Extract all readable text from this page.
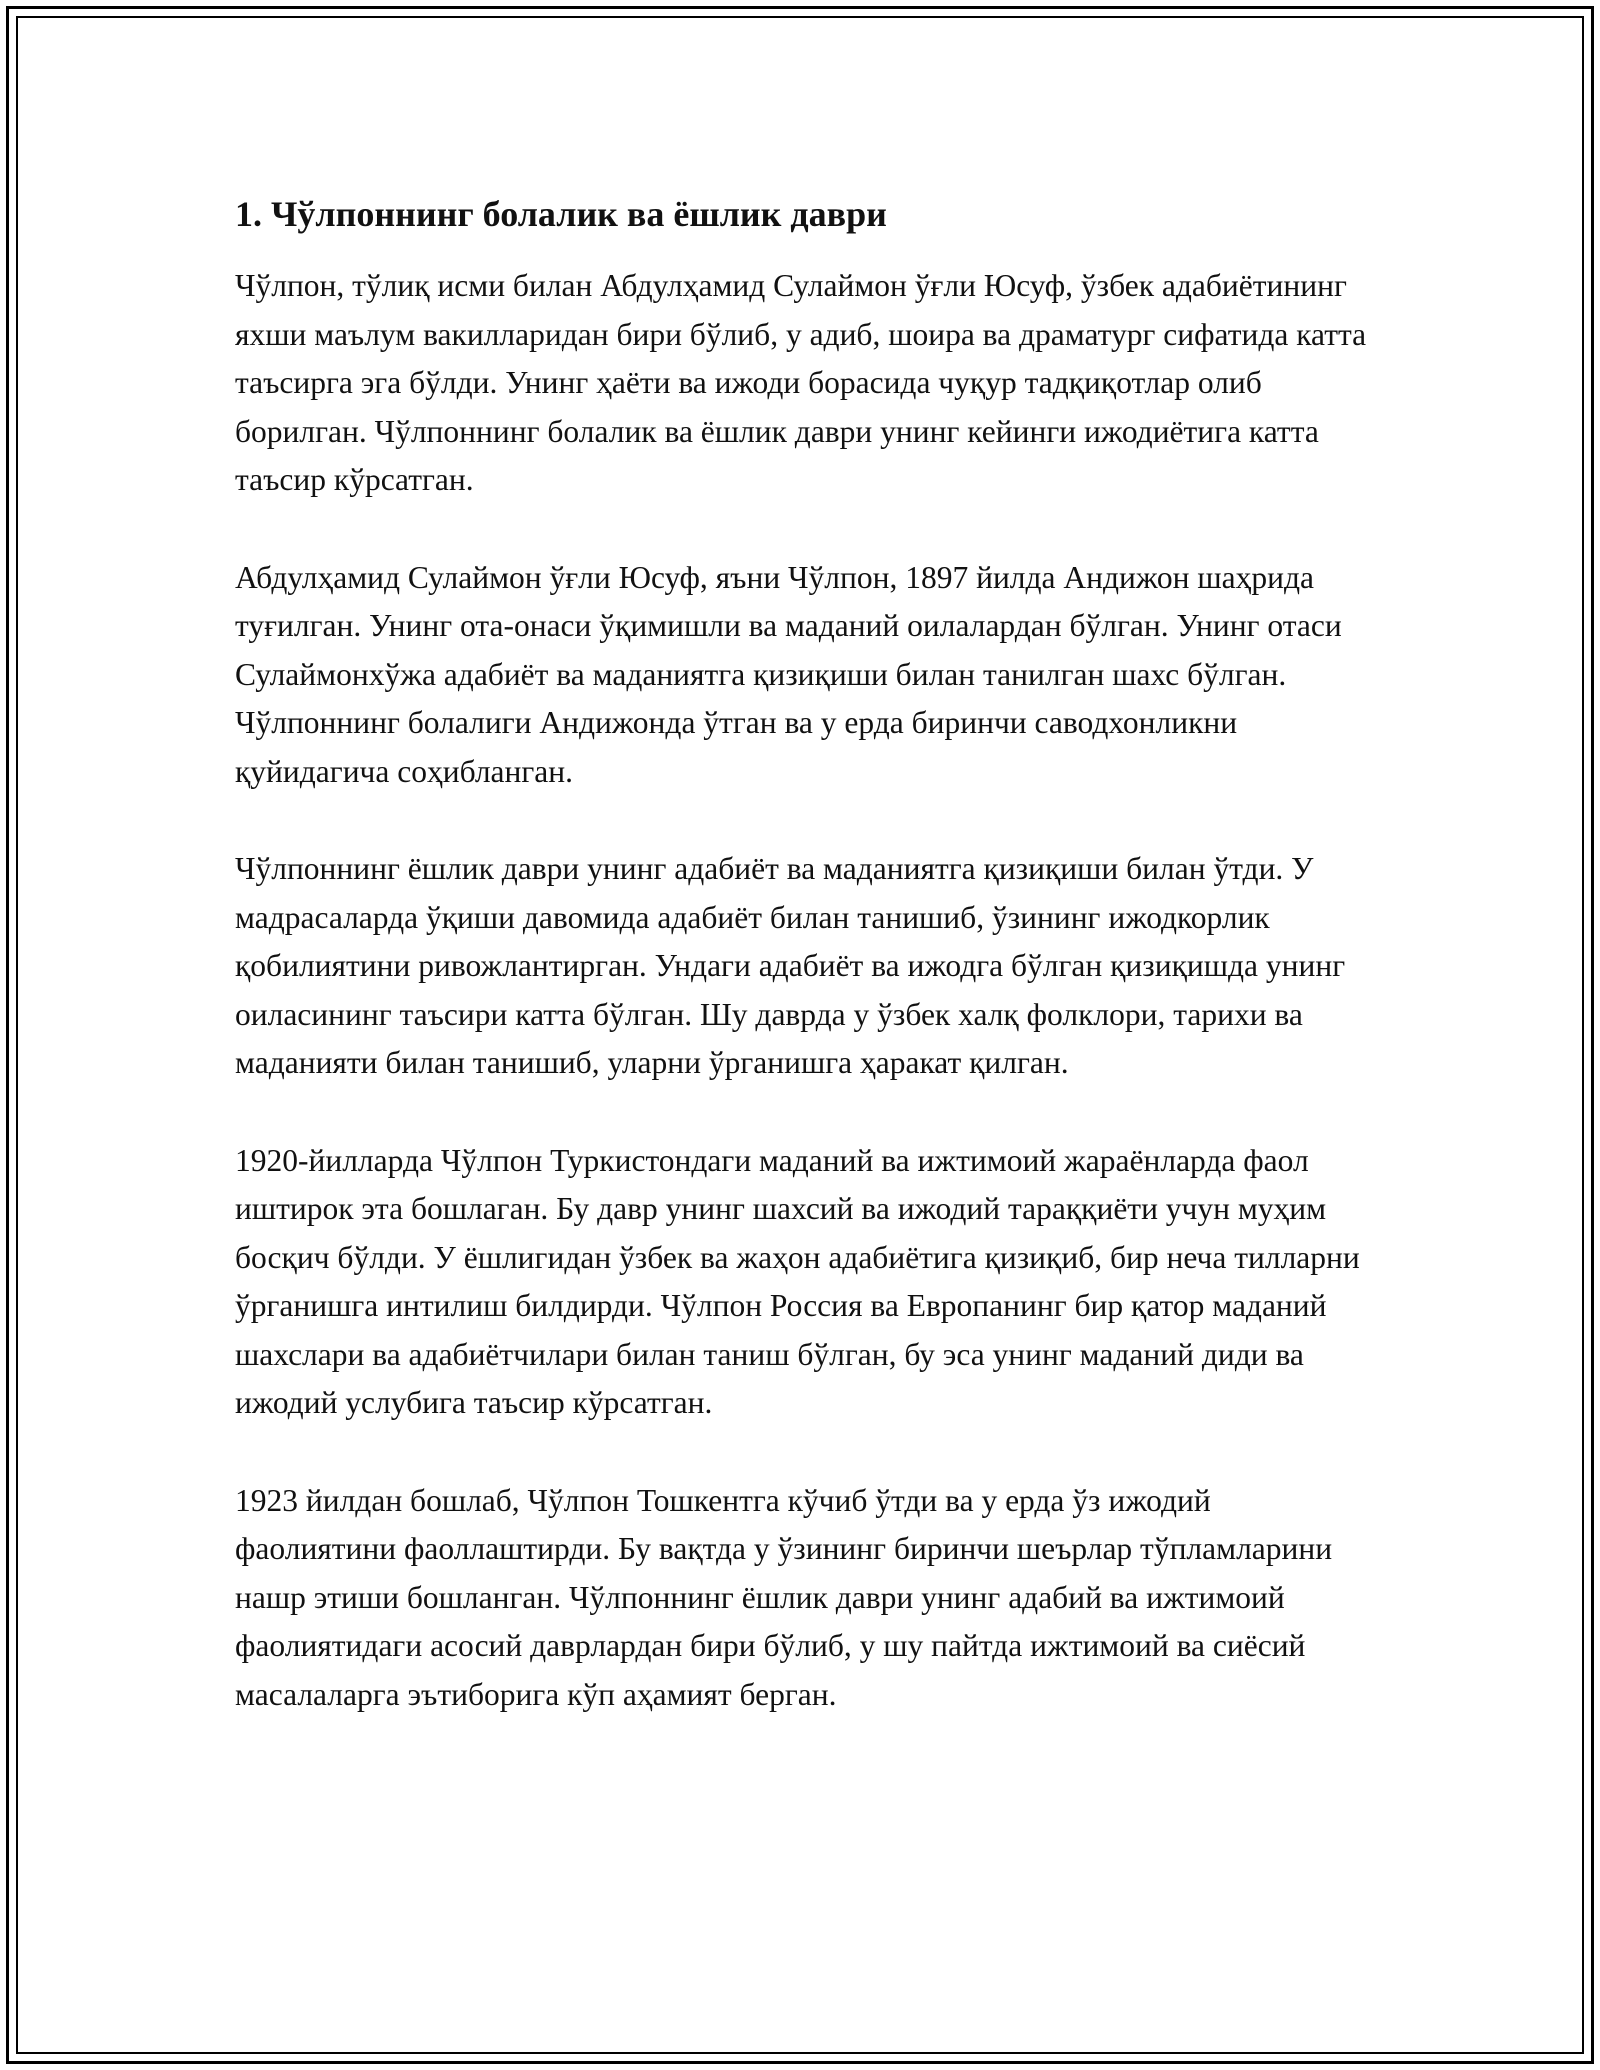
1. Чўлпоннинг болалик ва ёшлик даври

Чўлпон, тўлиқ исми билан Абдулҳамид Сулаймон ўғли Юсуф, ўзбек адабиётининг яхши маълум вакилларидан бири бўлиб, у адиб, шоира ва драматург сифатида катта таъсирга эга бўлди. Унинг ҳаёти ва ижоди борасида чуқур тадқиқотлар олиб борилган. Чўлпоннинг болалик ва ёшлик даври унинг кейинги ижодиётига катта таъсир кўрсатган.

Абдулҳамид Сулаймон ўғли Юсуф, яъни Чўлпон, 1897 йилда Андижон шаҳрида туғилган. Унинг ота-онаси ўқимишли ва маданий оилалардан бўлган. Унинг отаси Сулаймонхўжа адабиёт ва маданиятга қизиқиши билан танилган шахс бўлган. Чўлпоннинг болалиги Андижонда ўтган ва у ерда биринчи саводхонликни қуйидагича соҳибланган.

Чўлпоннинг ёшлик даври унинг адабиёт ва маданиятга қизиқиши билан ўтди. У мадрасаларда ўқиши давомида адабиёт билан танишиб, ўзининг ижодкорлик қобилиятини ривожлантирган. Ундаги адабиёт ва ижодга бўлган қизиқишда унинг оиласининг таъсири катта бўлган. Шу даврда у ўзбек халқ фолклори, тарихи ва маданияти билан танишиб, уларни ўрганишга ҳаракат қилган.

1920-йилларда Чўлпон Туркистондаги маданий ва ижтимоий жараёнларда фаол иштирок эта бошлаган. Бу давр унинг шахсий ва ижодий тараққиёти учун муҳим босқич бўлди. У ёшлигидан ўзбек ва жаҳон адабиётига қизиқиб, бир неча тилларни ўрганишга интилиш билдирди. Чўлпон Россия ва Европанинг бир қатор маданий шахслари ва адабиётчилари билан таниш бўлган, бу эса унинг маданий диди ва ижодий услубига таъсир кўрсатган.

1923 йилдан бошлаб, Чўлпон Тошкентга кўчиб ўтди ва у ерда ўз ижодий фаолиятини фаоллаштирди. Бу вақтда у ўзининг биринчи шеърлар тўпламларини нашр этиши бошланган. Чўлпоннинг ёшлик даври унинг адабий ва ижтимоий фаолиятидаги асосий даврлардан бири бўлиб, у шу пайтда ижтимоий ва сиёсий масалаларга эътиборига кўп аҳамият берган.
